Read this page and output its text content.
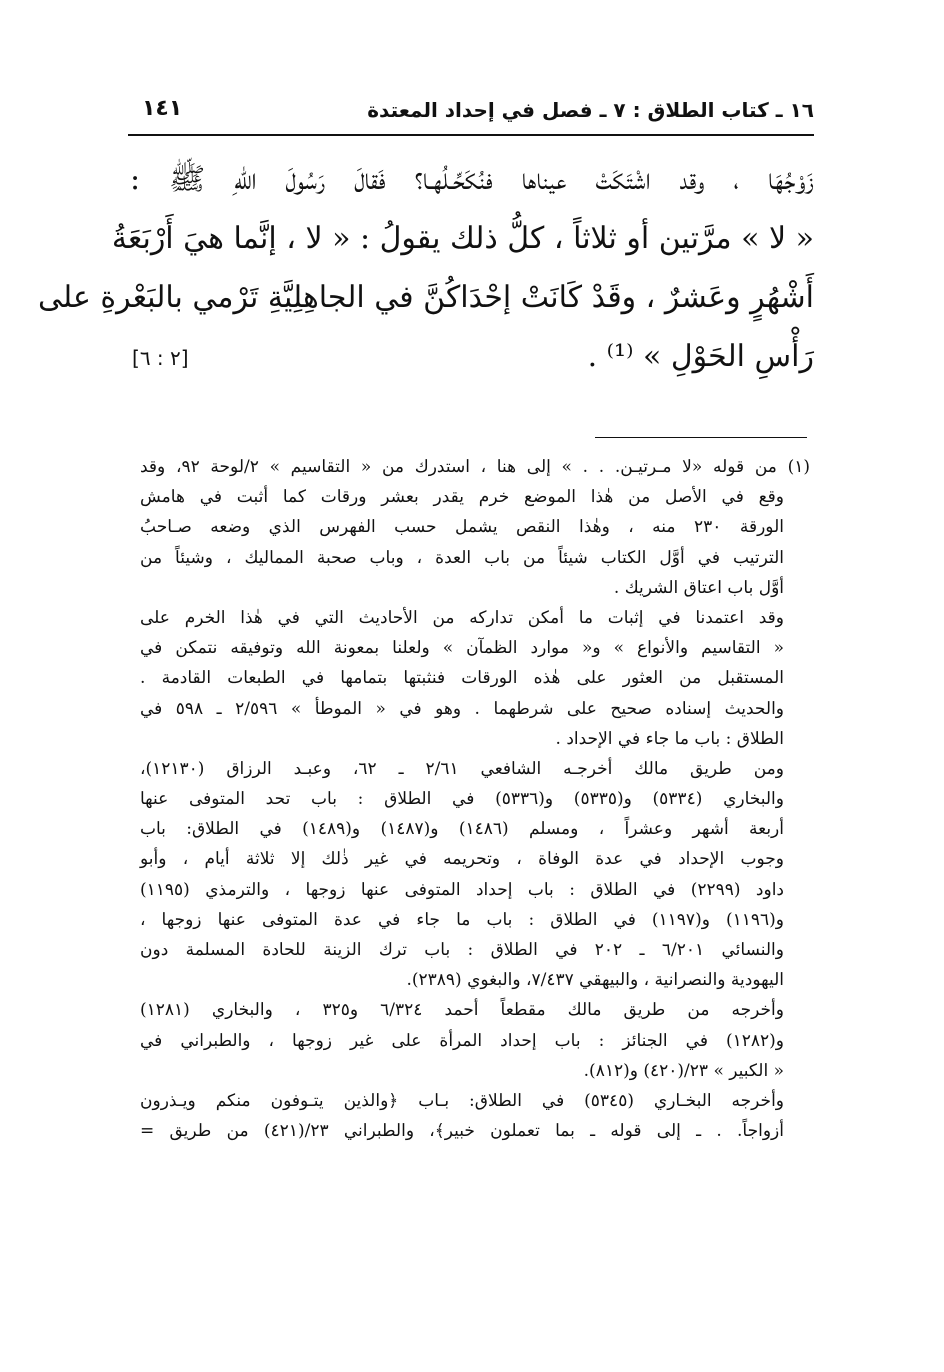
١٦ ـ كتاب الطلاق : ٧ ـ فصل في إحداد المعتدة
١٤١
زَوْجُهَا ، وقد اشْتَكَتْ عيناها فنُكَحِّـلُهـا؟ فَقالَ رَسُولَ اللّهِ ﷺ :
« لا » مرَّتين أو ثلاثاً ، كلُّ ذلك يقولُ : « لا ، إنَّما هيَ أَرْبَعَةُ
أَشْهُرٍ وعَشرٌ ، وقَدْ كَانَتْ إحْدَاكُنَّ في الجاهِلِيَّةِ تَرْمي بالبَعْرةِ على
رَأْسِ الحَوْلِ » ⁽¹⁾ .
[٢ : ٦]
(١) من قوله «لا مـرتيـن. . . » إلى هنا ، استدرك من « التقاسيم » ٢/لوحة ٩٢، وقد
وقع في الأصل من هٰذا الموضع خرم يقدر بعشر ورقات كما أثبت في هامش
الورقة ٢٣٠ منه ، وهٰذا النقص يشمل حسب الفهرس الذي وضعه صـاحبُ
الترتيب في أوَّل الكتاب شيئاً من باب العدة ، وباب صحبة المماليك ، وشيئاً من
أوَّل باب اعتاق الشريك .
وقد اعتمدنا في إثبات ما أمكن تداركه من الأحاديث التي في هٰذا الخرم على
« التقاسيم والأنواع » و« موارد الظمآن » ولعلنا بمعونة الله وتوفيقه نتمكن في
المستقبل من العثور على هٰذه الورقات فنثبتها بتمامها في الطبعات القادمة .
والحديث إسناده صحيح على شرطهما . وهو في « الموطأ » ٢/٥٩٦ ـ ٥٩٨ في
الطلاق : باب ما جاء في الإحداد .
ومن طريق مالك أخرجـه الشافعي ٢/٦١ ـ ٦٢، وعبـد الرزاق (١٢١٣٠)،
والبخاري (٥٣٣٤) و(٥٣٣٥) و(٥٣٣٦) في الطلاق : باب تحد المتوفى عنها
أربعة أشهر وعشراً ، ومسلم (١٤٨٦) و(١٤٨٧) و(١٤٨٩) في الطلاق: باب
وجوب الإحداد في عدة الوفاة ، وتحريمه في غير ذٰلك إلا ثلاثة أيام ، وأبو
داود (٢٢٩٩) في الطلاق : باب إحداد المتوفى عنها زوجها ، والترمذي (١١٩٥)
و(١١٩٦) و(١١٩٧) في الطلاق : باب ما جاء في عدة المتوفى عنها زوجها ،
والنسائي ٦/٢٠١ ـ ٢٠٢ في الطلاق : باب ترك الزينة للحادة المسلمة دون
اليهودية والنصرانية ، والبيهقي ٧/٤٣٧، والبغوي (٢٣٨٩).
وأخرجه من طريق مالك مقطعاً أحمد ٦/٣٢٤ و٣٢٥ ، والبخاري (١٢٨١)
و(١٢٨٢) في الجنائز : باب إحداد المرأة على غير زوجها ، والطبراني في
« الكبير » ٢٣/(٤٢٠) و(٨١٢).
وأخرجه البخـاري (٥٣٤٥) في الطلاق: بـاب ﴿والذين يتـوفون منكم ويـذرون
أزواجاً. . ـ إلى قوله ـ بما تعملون خبير﴾، والطبراني ٢٣/(٤٢١) من طريق =
